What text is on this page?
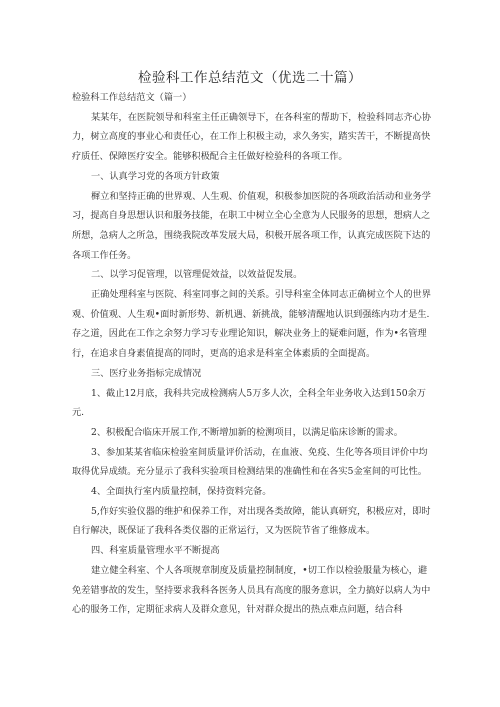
检验科工作总结范文（优选二十篇）

检验科工作总结范文（篇一）

某某年，在医院领导和科室主任正确领导下，在各科室的帮助下，检验科同志齐心协力，树立高度的事业心和责任心，在工作上积极主动，求久务实，踏实苦干，不断提高快疗质任、保障医疗安全。能够积极配合主任做好检验科的各项工作。

一、认真学习党的各项方针政策

樨立和坚持正确的世界观、人生观、价值观，积极参加医院的各项政治活动和业务学习，提高自身思想认识和服务技能，在职工中树立全心全意为人民服务的思想，想病人之所想，急病人之所急，围绕我院改革发展大局，积极开展各项工作，认真完成医院下达的各项工作任务。

二、以学习促管理，以管理促效益，以效益促发展。

正确处理科室与医院、科室同事之间的关系。引导科室全体同志正确树立个人的世界观、价值观、人生观•面时新形势、新机遇、新挑战，能够清醒地认识到强练内功才是生.存之道，因此在工作之余努力学习专业理论知识，解决业务上的疑难问题，作为•名管理行，在追求自身素值提高的同时，更高的追求是科室全体素质的全面提高。

三、医疗业务指标完成情况

1、截止12月底，我科共完成检测病人5万多人次，全科全年业务收入达到150余万元.

2、积极配合临床开展工作,不断增加新的检测项目，以满足临床诊断的需求。

3、参加某某省临床检验室间质量评价活动，在血液、免疫、生化等各项目评价中均取得优异成绩。充分显示了我科实验项目检测结果的准确性和在各实5金室间的可比性。

4、全面执行室内质量控制，保持资料完备。

5,作好实验仪器的维护和保养工作，对出现各类故障，能认真研究，积极应对，即时自行解决，既保证了我科各类仪器的正常运行，又为医院节省了维修成本。

四、科室质量管理水平不断提高

建立健全科室、个人各项规章制度及质量控制制度，•切工作以检验服量为核心，避免差错事故的发生，坚持要求我科各医务人员具有高度的服务意识，全力搞好以病人为中心的服务工作，定期征求病人及群众意见，针对群众提出的热点难点问题，结合科
